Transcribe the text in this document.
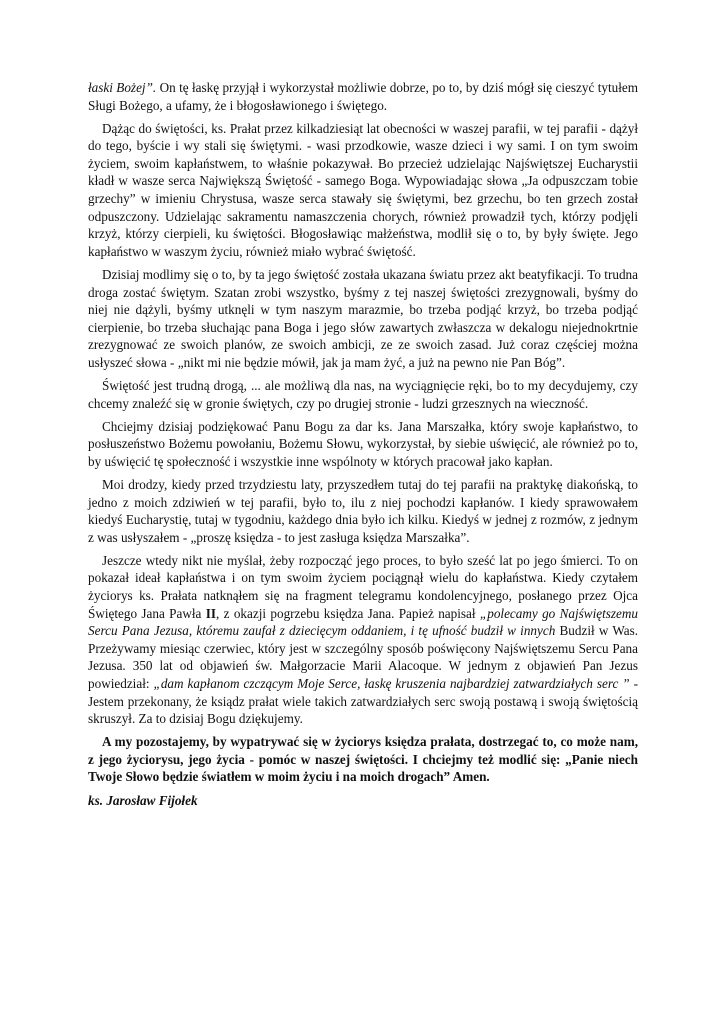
łaski Bożej”. On tę łaskę przyjął i wykorzystał możliwie dobrze, po to, by dziś mógł się cieszyć tytułem Sługi Bożego, a ufamy, że i błogosławionego i świętego.

Dążąc do świętości, ks. Prałat przez kilkadziesiąt lat obecności w waszej parafii, w tej parafii - dążył do tego, byście i wy stali się świętymi. - wasi przodkowie, wasze dzieci i wy sami. I on tym swoim życiem, swoim kapłaństwem, to właśnie pokazywał. Bo przecież udzielając Najświętszej Eucharystii kładł w wasze serca Największą Świętość - samego Boga. Wypowiadając słowa „Ja odpuszczam tobie grzechy” w imieniu Chrystusa, wasze serca stawały się świętymi, bez grzechu, bo ten grzech został odpuszczony. Udzielając sakramentu namaszczenia chorych, również prowadził tych, którzy podjęli krzyż, którzy cierpieli, ku świętości. Błogosławiąc małżeństwa, modlił się o to, by były święte. Jego kapłaństwo w waszym życiu, również miało wybrać świętość.

Dzisiaj modlimy się o to, by ta jego świętość została ukazana światu przez akt beatyfikacji. To trudna droga zostać świętym. Szatan zrobi wszystko, byśmy z tej naszej świętości zrezygnowali, byśmy do niej nie dążyli, byśmy utknęli w tym naszym marazmie, bo trzeba podjąć krzyż, bo trzeba podjąć cierpienie, bo trzeba słuchając pana Boga i jego słów zawartych zwłaszcza w dekalogu niejednokrtnie zrezygnować ze swoich planów, ze swoich ambicji, ze ze swoich zasad. Już coraz częściej można usłyszeć słowa - „nikt mi nie będzie mówił, jak ja mam żyć, a już na pewno nie Pan Bóg”.

Świętość jest trudną drogą, ... ale możliwą dla nas, na wyciągnięcie ręki, bo to my decydujemy, czy chcemy znaleźć się w gronie świętych, czy po drugiej stronie - ludzi grzesznych na wieczność.

Chciejmy dzisiaj podziękować Panu Bogu za dar ks. Jana Marszałka, który swoje kapłaństwo, to posłuszeństwo Bożemu powołaniu, Bożemu Słowu, wykorzystał, by siebie uświęcić, ale również po to, by uświęcić tę społeczność i wszystkie inne wspólnoty w których pracował jako kapłan.

Moi drodzy, kiedy przed trzydziestu laty, przyszedłem tutaj do tej parafii na praktykę diakońską, to jedno z moich zdziwień w tej parafii, było to, ilu z niej pochodzi kapłanów. I kiedy sprawowałem kiedyś Eucharystię, tutaj w tygodniu, każdego dnia było ich kilku. Kiedyś w jednej z rozmów, z jednym z was usłyszałem - „proszę księdza - to jest zasługa księdza Marszałka”.

Jeszcze wtedy nikt nie myślał, żeby rozpocząć jego proces, to było sześć lat po jego śmierci. To on pokazał ideał kapłaństwa i on tym swoim życiem pociągnął wielu do kapłaństwa. Kiedy czytałem życiorys ks. Prałata natknąłem się na fragment telegramu kondolencyjnego, posłanego przez Ojca Świętego Jana Pawła II, z okazji pogrzebu księdza Jana. Papież napisał „polecamy go Najświętszemu Sercu Pana Jezusa, któremu zaufał z dziecięcym oddaniem, i tę ufność budził w innych Budził w Was. Przeżywamy miesiąc czerwiec, który jest w szczególny sposób poświęcony Najświętszemu Sercu Pana Jezusa. 350 lat od objawień św. Małgorzacie Marii Alacoque. W jednym z objawień Pan Jezus powiedział: „dam kapłanom czczącym Moje Serce, łaskę kruszenia najbardziej zatwardziałych serc ” - Jestem przekonany, że ksiądz prałat wiele takich zatwardziałych serc swoją postawą i swoją świętością skruszył. Za to dzisiaj Bogu dziękujemy.

A my pozostajemy, by wypatrywać się w życiorys księdza prałata, dostrzegać to, co może nam, z jego życiorysu, jego życia - pomóc w naszej świętości. I chciejmy też modlić się: „Panie niech Twoje Słowo będzie światłem w moim życiu i na moich drogach” Amen.

ks. Jarosław Fijołek
